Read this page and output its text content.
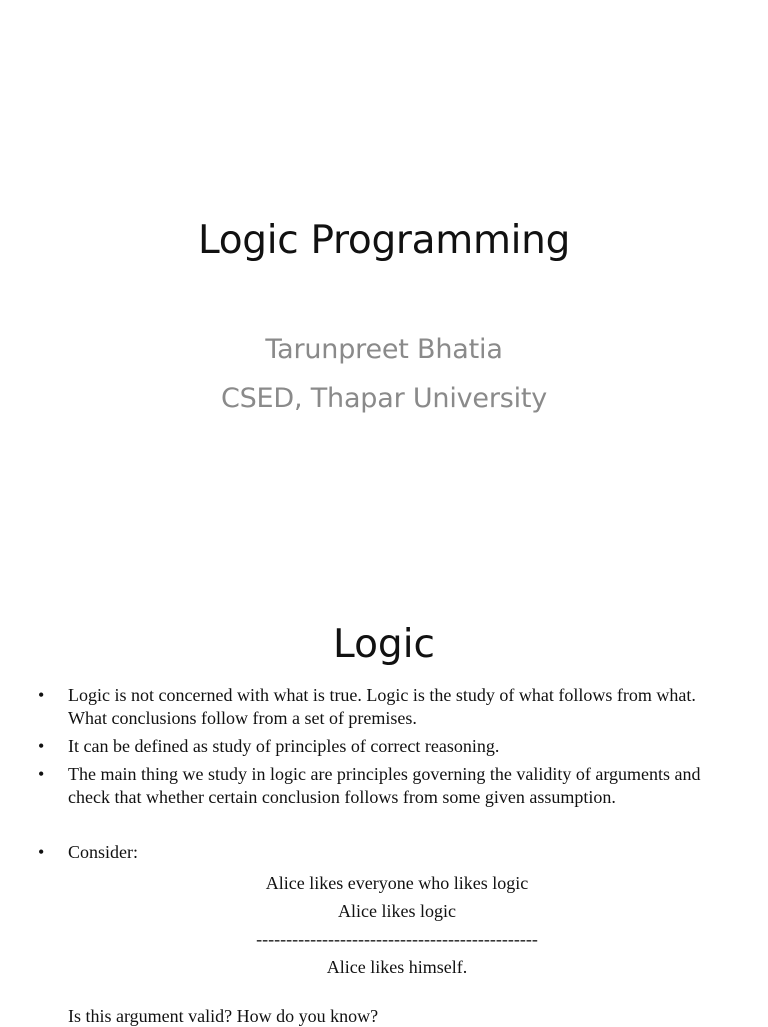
Logic Programming
Tarunpreet Bhatia
CSED, Thapar University
Logic
• Logic is not concerned with what is true. Logic is the study of what follows from what. What conclusions follow from a set of premises.
• It can be defined as study of principles of correct reasoning.
• The main thing we study in logic are principles governing the validity of arguments and check that whether certain conclusion follows from some given assumption.
• Consider:
Alice likes everyone who likes logic
Alice likes logic
-----------------------------------------------
Alice likes himself.
Is this argument valid? How do you know?
